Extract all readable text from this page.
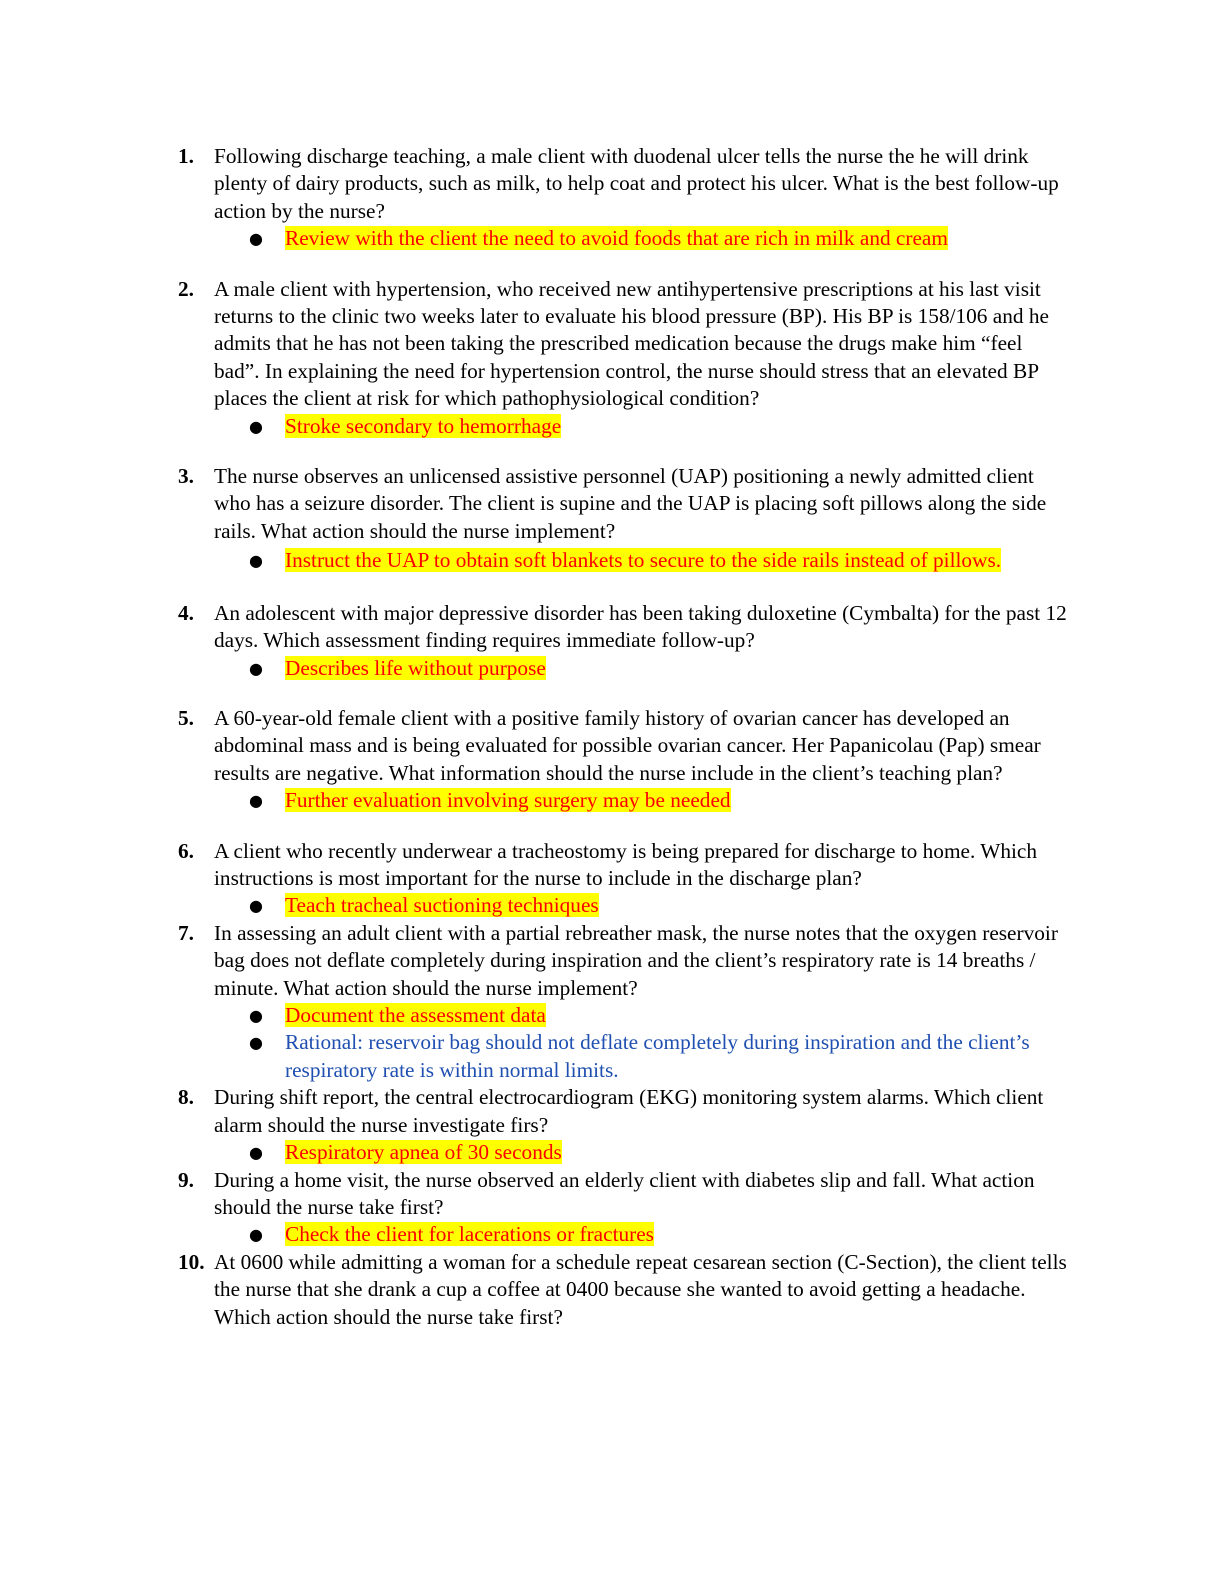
1. Following discharge teaching, a male client with duodenal ulcer tells the nurse the he will drink plenty of dairy products, such as milk, to help coat and protect his ulcer. What is the best follow-up action by the nurse?
● Review with the client the need to avoid foods that are rich in milk and cream
2. A male client with hypertension, who received new antihypertensive prescriptions at his last visit returns to the clinic two weeks later to evaluate his blood pressure (BP). His BP is 158/106 and he admits that he has not been taking the prescribed medication because the drugs make him “feel bad”. In explaining the need for hypertension control, the nurse should stress that an elevated BP places the client at risk for which pathophysiological condition?
● Stroke secondary to hemorrhage
3. The nurse observes an unlicensed assistive personnel (UAP) positioning a newly admitted client who has a seizure disorder. The client is supine and the UAP is placing soft pillows along the side rails. What action should the nurse implement?
● Instruct the UAP to obtain soft blankets to secure to the side rails instead of pillows.
4. An adolescent with major depressive disorder has been taking duloxetine (Cymbalta) for the past 12 days. Which assessment finding requires immediate follow-up?
● Describes life without purpose
5. A 60-year-old female client with a positive family history of ovarian cancer has developed an abdominal mass and is being evaluated for possible ovarian cancer. Her Papanicolau (Pap) smear results are negative. What information should the nurse include in the client’s teaching plan?
● Further evaluation involving surgery may be needed
6. A client who recently underwear a tracheostomy is being prepared for discharge to home. Which instructions is most important for the nurse to include in the discharge plan?
● Teach tracheal suctioning techniques
7. In assessing an adult client with a partial rebreather mask, the nurse notes that the oxygen reservoir bag does not deflate completely during inspiration and the client’s respiratory rate is 14 breaths / minute. What action should the nurse implement?
● Document the assessment data
● Rational: reservoir bag should not deflate completely during inspiration and the client’s respiratory rate is within normal limits.
8. During shift report, the central electrocardiogram (EKG) monitoring system alarms. Which client alarm should the nurse investigate firs?
● Respiratory apnea of 30 seconds
9. During a home visit, the nurse observed an elderly client with diabetes slip and fall. What action should the nurse take first?
● Check the client for lacerations or fractures
10. At 0600 while admitting a woman for a schedule repeat cesarean section (C-Section), the client tells the nurse that she drank a cup a coffee at 0400 because she wanted to avoid getting a headache. Which action should the nurse take first?
